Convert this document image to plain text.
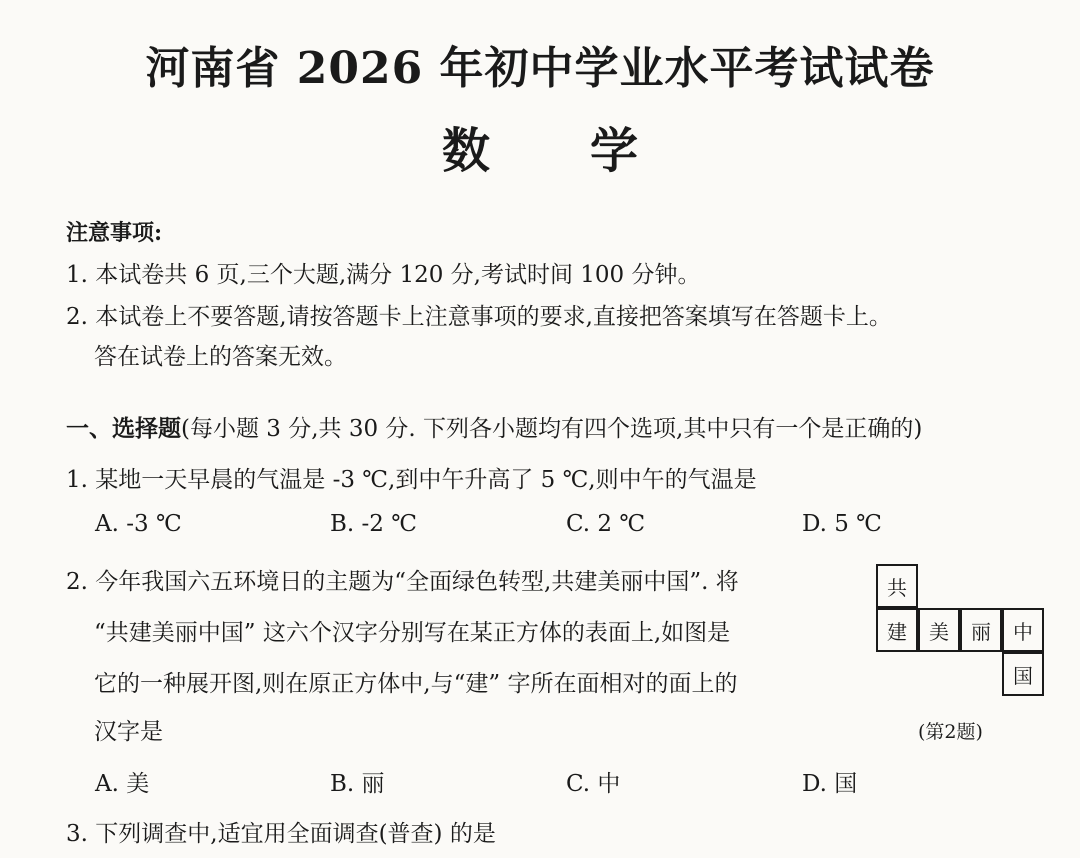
河南省 2026 年初中学业水平考试试卷
数学
注意事项:
1. 本试卷共 6 页,三个大题,满分 120 分,考试时间 100 分钟。
2. 本试卷上不要答题,请按答题卡上注意事项的要求,直接把答案填写在答题卡上。
答在试卷上的答案无效。
一、选择题(每小题 3 分,共 30 分. 下列各小题均有四个选项,其中只有一个是正确的)
1. 某地一天早晨的气温是 -3 ℃,到中午升高了 5 ℃,则中午的气温是
A. -3 ℃	B. -2 ℃	C. 2 ℃	D. 5 ℃
2. 今年我国六五环境日的主题为“全面绿色转型,共建美丽中国”. 将
“共建美丽中国” 这六个汉字分别写在某正方体的表面上,如图是
它的一种展开图,则在原正方体中,与“建” 字所在面相对的面上的
汉字是
共
建	美	丽	中
国
(第2题)
A. 美	B. 丽	C. 中	D. 国
3. 下列调查中,适宜用全面调查(普查) 的是
